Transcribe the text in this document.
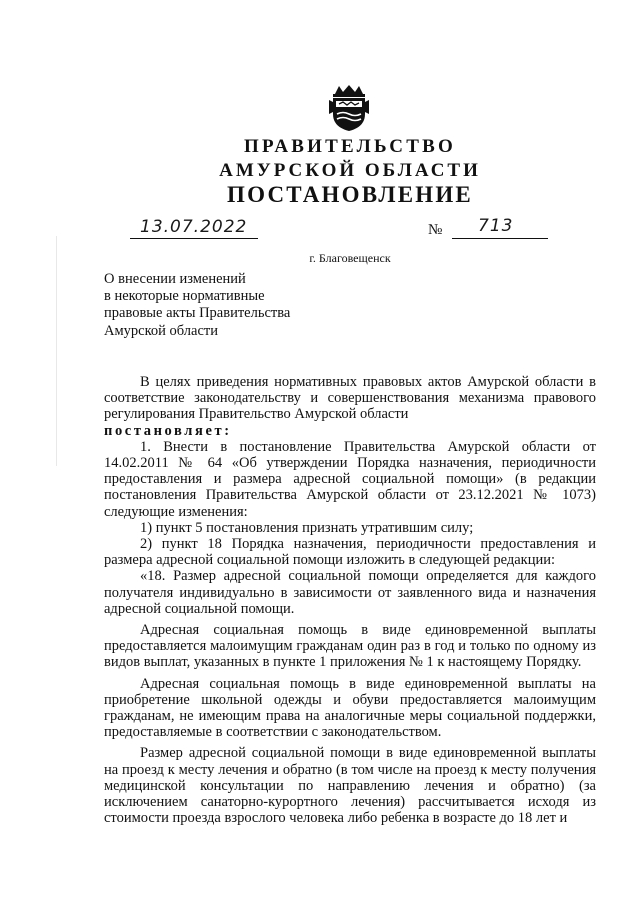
ПРАВИТЕЛЬСТВО
АМУРСКОЙ ОБЛАСТИ
ПОСТАНОВЛЕНИЕ
13.07.2022	№ 713
г. Благовещенск
О внесении изменений
в некоторые нормативные
правовые акты Правительства
Амурской области

В целях приведения нормативных правовых актов Амурской области в соответствие законодательству и совершенствования механизма правового регулирования Правительство Амурской области

постановляет:

1. Внести в постановление Правительства Амурской области от 14.02.2011 № 64 «Об утверждении Порядка назначения, периодичности предоставления и размера адресной социальной помощи» (в редакции постановления Правительства Амурской области от 23.12.2021 № 1073) следующие изменения:

1) пункт 5 постановления признать утратившим силу;

2) пункт 18 Порядка назначения, периодичности предоставления и размера адресной социальной помощи изложить в следующей редакции:

«18. Размер адресной социальной помощи определяется для каждого получателя индивидуально в зависимости от заявленного вида и назначения адресной социальной помощи.

Адресная социальная помощь в виде единовременной выплаты предоставляется малоимущим гражданам один раз в год и только по одному из видов выплат, указанных в пункте 1 приложения № 1 к настоящему Порядку.

Адресная социальная помощь в виде единовременной выплаты на приобретение школьной одежды и обуви предоставляется малоимущим гражданам, не имеющим права на аналогичные меры социальной поддержки, предоставляемые в соответствии с законодательством.

Размер адресной социальной помощи в виде единовременной выплаты на проезд к месту лечения и обратно (в том числе на проезд к месту получения медицинской консультации по направлению лечения и обратно) (за исключением санаторно-курортного лечения) рассчитывается исходя из стоимости проезда взрослого человека либо ребенка в возрасте до 18 лет и
